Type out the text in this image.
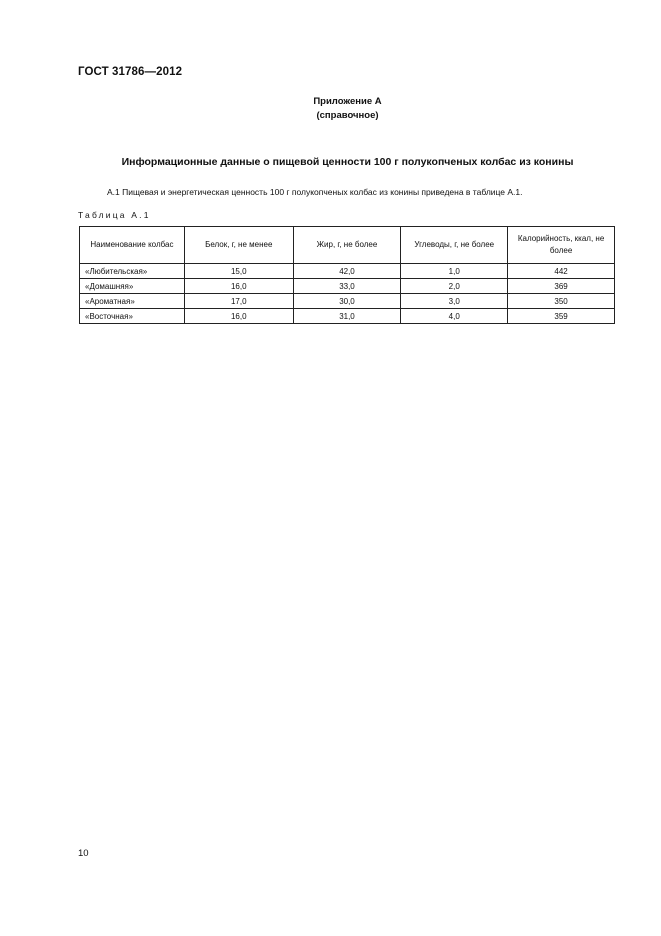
ГОСТ 31786—2012
Приложение А
(справочное)
Информационные данные о пищевой ценности 100 г полукопченых колбас из конины
А.1 Пищевая и энергетическая ценность 100 г полукопченых колбас из конины приведена в таблице А.1.
Таблица А.1
Наименование колбас	Белок, г, не менее	Жир, г, не более	Углеводы, г, не более	Калорийность, ккал, не более
«Любительская»	15,0	42,0	1,0	442
«Домашняя»	16,0	33,0	2,0	369
«Ароматная»	17,0	30,0	3,0	350
«Восточная»	16,0	31,0	4,0	359
10
